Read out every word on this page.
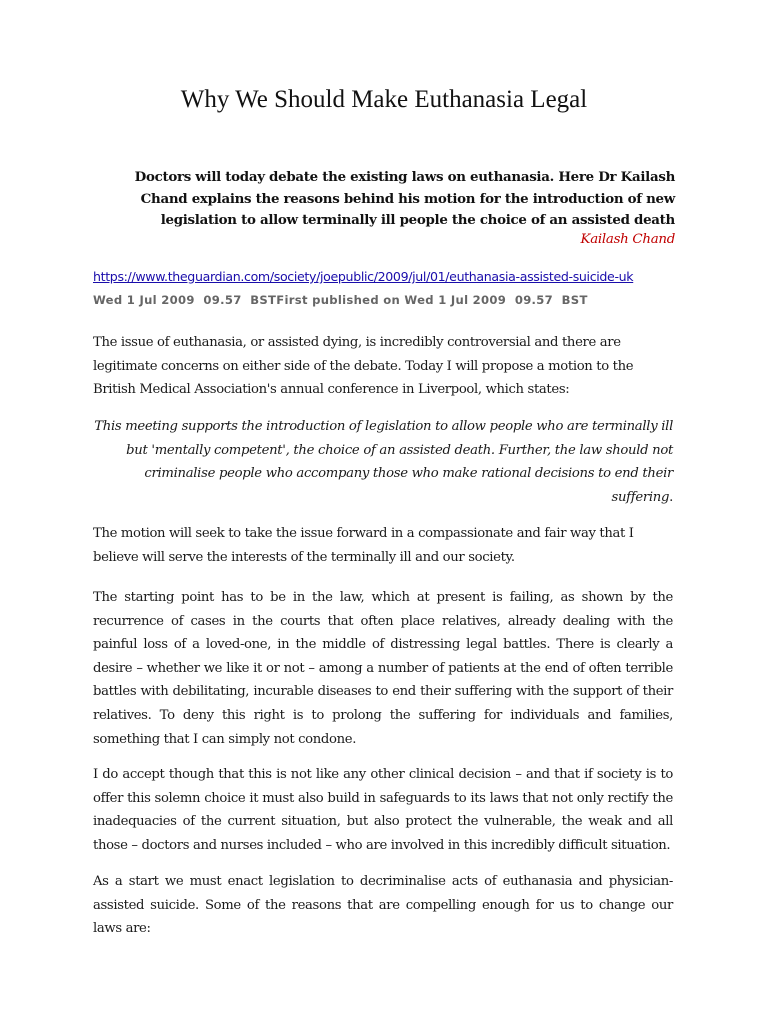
Why We Should Make Euthanasia Legal
Doctors will today debate the existing laws on euthanasia. Here Dr Kailash Chand explains the reasons behind his motion for the introduction of new legislation to allow terminally ill people the choice of an assisted death
Kailash Chand
https://www.theguardian.com/society/joepublic/2009/jul/01/euthanasia-assisted-suicide-uk
Wed 1 Jul 2009  09.57  BSTFirst published on Wed 1 Jul 2009  09.57  BST

The issue of euthanasia, or assisted dying, is incredibly controversial and there are legitimate concerns on either side of the debate. Today I will propose a motion to the British Medical Association's annual conference in Liverpool, which states:

This meeting supports the introduction of legislation to allow people who are terminally ill but 'mentally competent', the choice of an assisted death. Further, the law should not criminalise people who accompany those who make rational decisions to end their suffering.

The motion will seek to take the issue forward in a compassionate and fair way that I believe will serve the interests of the terminally ill and our society.

The starting point has to be in the law, which at present is failing, as shown by the recurrence of cases in the courts that often place relatives, already dealing with the painful loss of a loved-one, in the middle of distressing legal battles. There is clearly a desire – whether we like it or not – among a number of patients at the end of often terrible battles with debilitating, incurable diseases to end their suffering with the support of their relatives. To deny this right is to prolong the suffering for individuals and families, something that I can simply not condone.

I do accept though that this is not like any other clinical decision – and that if society is to offer this solemn choice it must also build in safeguards to its laws that not only rectify the inadequacies of the current situation, but also protect the vulnerable, the weak and all those – doctors and nurses included – who are involved in this incredibly difficult situation.

As a start we must enact legislation to decriminalise acts of euthanasia and physician-assisted suicide. Some of the reasons that are compelling enough for us to change our laws are:
